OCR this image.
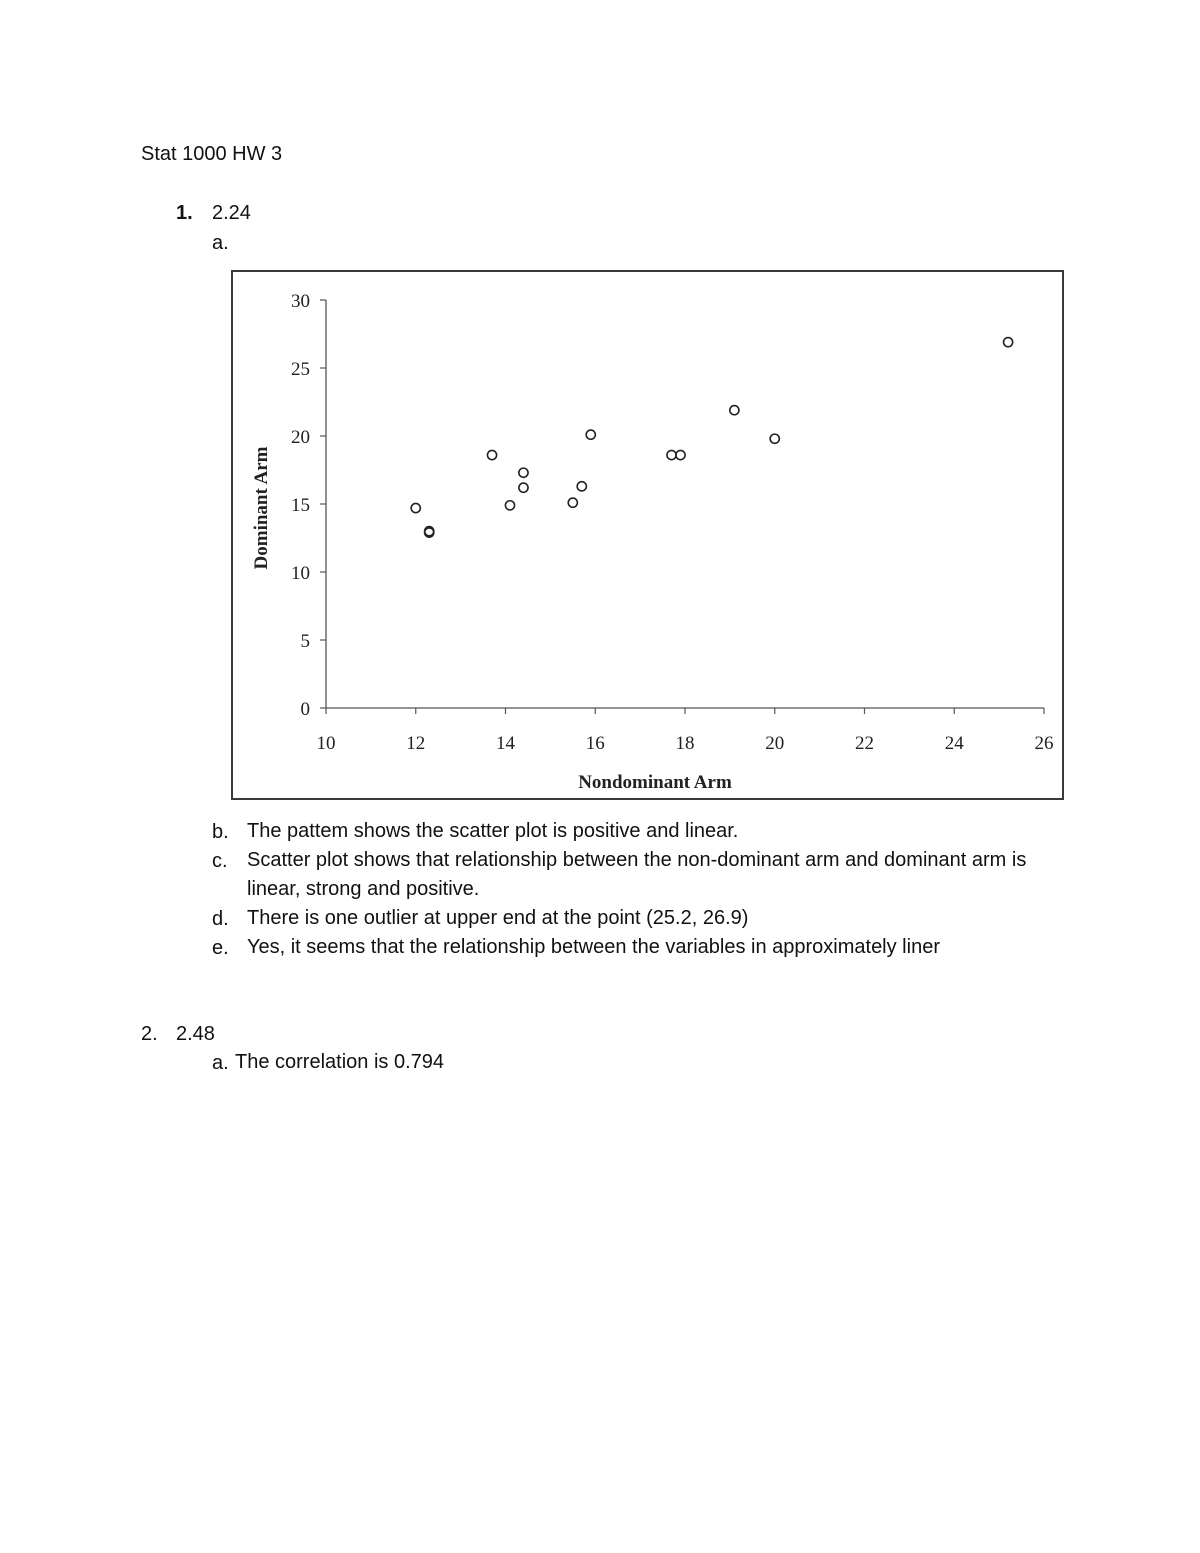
Stat 1000 HW 3
1. 2.24
a.
0
5
10
15
20
25
30
10	12	14	16	18	20	22	24	26
Nondominant Arm
Dominant Arm
b. The pattem shows the scatter plot is positive and linear.
c. Scatter plot shows that relationship between the non-dominant arm and dominant arm is linear, strong and positive.
d. There is one outlier at upper end at the point (25.2, 26.9)
e. Yes, it seems that the relationship between the variables in approximately liner
2. 2.48
a. The correlation is 0.794
